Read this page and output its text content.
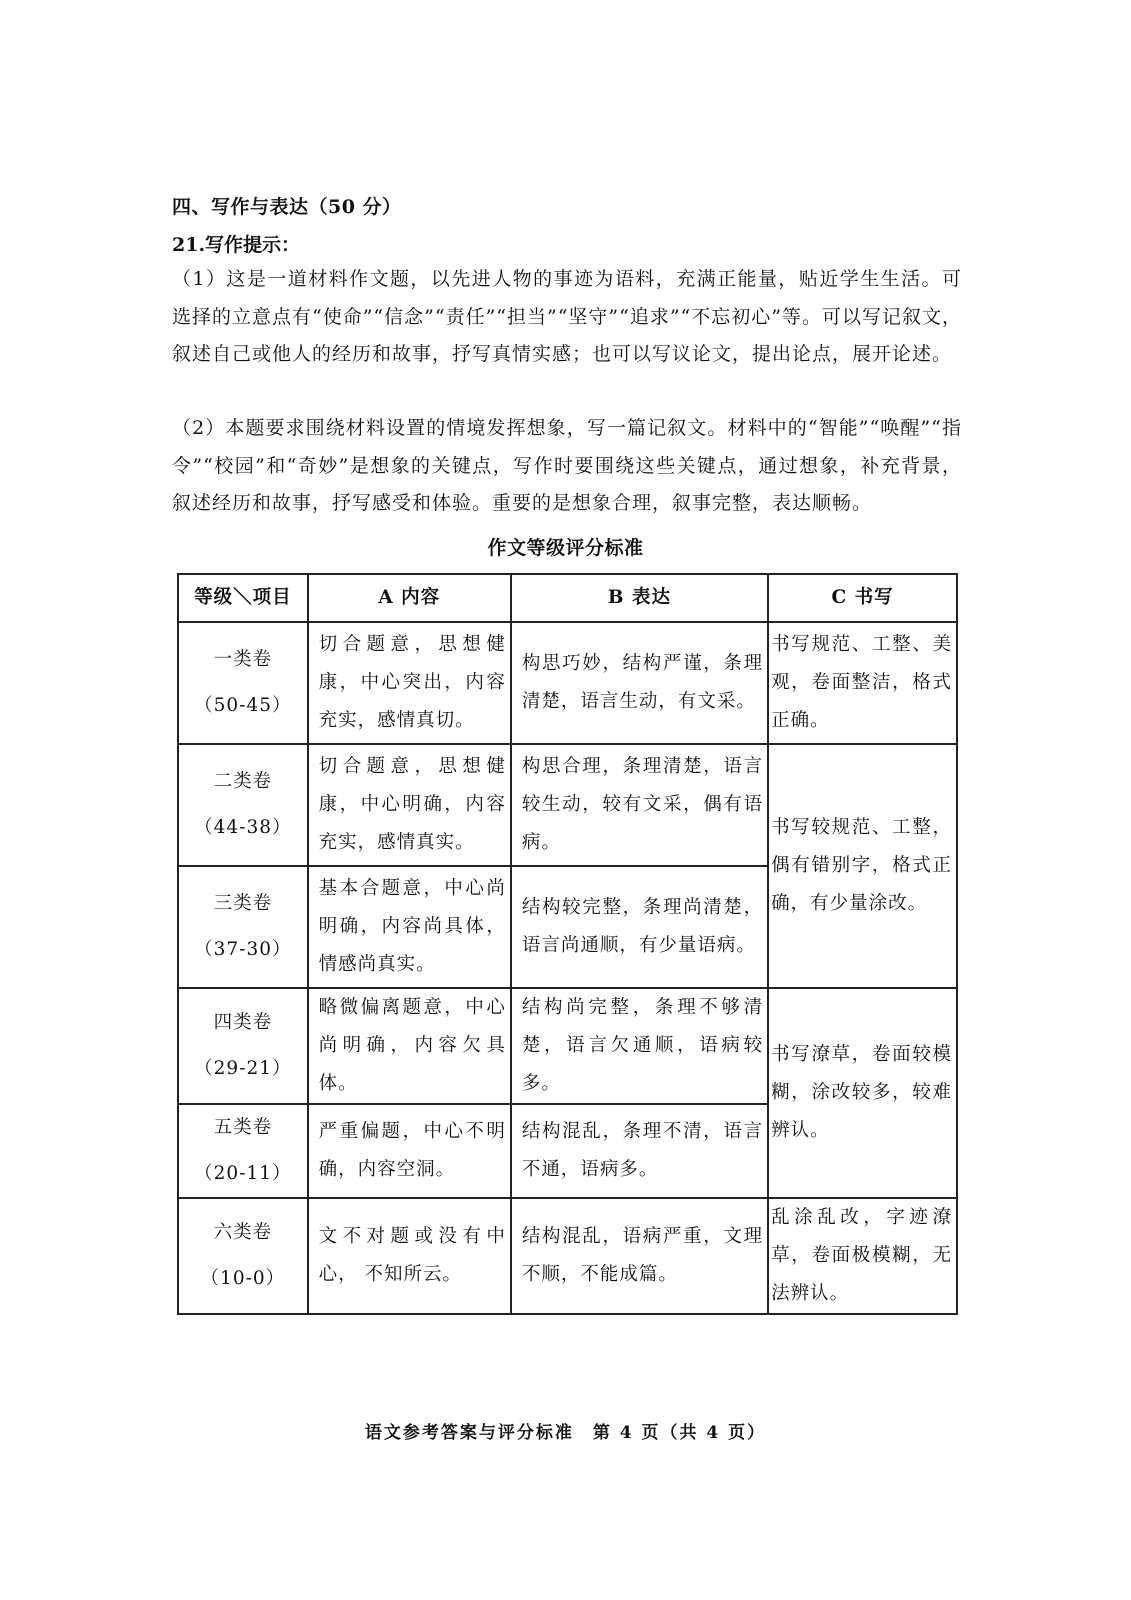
四、写作与表达（50 分）
21.写作提示：
（1）这是一道材料作文题，以先进人物的事迹为语料，充满正能量，贴近学生生活。可选择的立意点有“使命”“信念”“责任”“担当”“坚守”“追求”“不忘初心”等。可以写记叙文，叙述自己或他人的经历和故事，抒写真情实感；也可以写议论文，提出论点，展开论述。
（2）本题要求围绕材料设置的情境发挥想象，写一篇记叙文。材料中的“智能”“唤醒”“指令”“校园”和“奇妙”是想象的关键点，写作时要围绕这些关键点，通过想象，补充背景，叙述经历和故事，抒写感受和体验。重要的是想象合理，叙事完整，表达顺畅。
作文等级评分标准
等级＼项目	A 内容	B 表达	C 书写

一类卷
（50-45）	切合题意，思想健康，中心突出，内容充实，感情真切。	构思巧妙，结构严谨，条理清楚，语言生动，有文采。	书写规范、工整、美观，卷面整洁，格式正确。

二类卷
（44-38）	切合题意，思想健康，中心明确，内容充实，感情真实。	构思合理，条理清楚，语言较生动，较有文采，偶有语病。	书写较规范、工整，偶有错别字，格式正确，有少量涂改。

三类卷
（37-30）	基本合题意，中心尚明确，内容尚具体，情感尚真实。	结构较完整，条理尚清楚，语言尚通顺，有少量语病。	

四类卷
（29-21）	略微偏离题意，中心尚明确，内容欠具体。	结构尚完整，条理不够清楚，语言欠通顺，语病较多。	书写潦草，卷面较模糊，涂改较多，较难辨认。

五类卷
（20-11）	严重偏题，中心不明确，内容空洞。	结构混乱，条理不清，语言不通，语病多。	

六类卷
（10-0）	文不对题或没有中心， 不知所云。	结构混乱，语病严重，文理不顺，不能成篇。	乱涂乱改，字迹潦草，卷面极模糊，无法辨认。
语文参考答案与评分标准　第 4 页（共 4 页）
